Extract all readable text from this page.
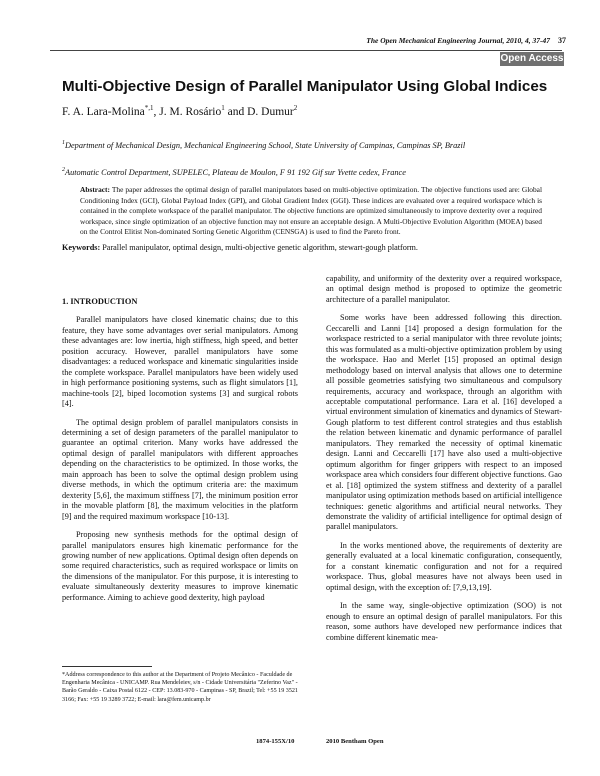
The Open Mechanical Engineering Journal, 2010, 4, 37-47 37
Open Access
Multi-Objective Design of Parallel Manipulator Using Global Indices
F. A. Lara-Molina$^{*,1}$, J. M. Rosário$^1$ and D. Dumur$^2$
$^1$Department of Mechanical Design, Mechanical Engineering School, State University of Campinas, Campinas SP, Brazil
$^2$Automatic Control Department, SUPELEC, Plateau de Moulon, F 91 192 Gif sur Yvette cedex, France
Abstract: The paper addresses the optimal design of parallel manipulators based on multi-objective optimization. The objective functions used are: Global Conditioning Index (GCI), Global Payload Index (GPI), and Global Gradient Index (GGI). These indices are evaluated over a required workspace which is contained in the complete workspace of the parallel manipulator. The objective functions are optimized simultaneously to improve dexterity over a required workspace, since single optimization of an objective function may not ensure an acceptable design. A Multi-Objective Evolution Algorithm (MOEA) based on the Control Elitist Non-dominated Sorting Genetic Algorithm (CENSGA) is used to find the Pareto front.
Keywords: Parallel manipulator, optimal design, multi-objective genetic algorithm, stewart-gough platform.
1. INTRODUCTION

Parallel manipulators have closed kinematic chains; due to this feature, they have some advantages over serial manipulators. Among these advantages are: low inertia, high stiffness, high speed, and better position accuracy. However, parallel manipulators have some disadvantages: a reduced workspace and kinematic singularities inside the complete workspace. Parallel manipulators have been widely used in high performance positioning systems, such as flight simulators [1], machine-tools [2], biped locomotion systems [3] and surgical robots [4].

The optimal design problem of parallel manipulators consists in determining a set of design parameters of the parallel manipulator to guarantee an optimal criterion. Many works have addressed the optimal design of parallel manipulators with different approaches depending on the characteristics to be optimized. In those works, the main approach has been to solve the optimal design problem using diverse methods, in which the optimum criteria are: the maximum dexterity [5,6], the maximum stiffness [7], the minimum position error in the movable platform [8], the maximum velocities in the platform [9] and the required maximum workspace [10-13].

Proposing new synthesis methods for the optimal design of parallel manipulators ensures high kinematic performance for the growing number of new applications. Optimal design often depends on some required characteristics, such as required workspace or limits on the dimensions of the manipulator. For this purpose, it is interesting to evaluate simultaneously dexterity measures to improve kinematic performance. Aiming to achieve good dexterity, high payload

capability, and uniformity of the dexterity over a required workspace, an optimal design method is proposed to optimize the geometric architecture of a parallel manipulator.

Some works have been addressed following this direction. Ceccarelli and Lanni [14] proposed a design formulation for the workspace restricted to a serial manipulator with three revolute joints; this was formulated as a multi-objective optimization problem by using the workspace. Hao and Merlet [15] proposed an optimal design methodology based on interval analysis that allows one to determine all possible geometries satisfying two simultaneous and compulsory requirements, accuracy and workspace, through an algorithm with acceptable computational performance. Lara et al. [16] developed a virtual environment simulation of kinematics and dynamics of Stewart-Gough platform to test different control strategies and thus establish the relation between kinematic and dynamic performance of parallel manipulators. They remarked the necessity of optimal kinematic design. Lanni and Ceccarelli [17] have also used a multi-objective optimum algorithm for finger grippers with respect to an imposed workspace area which considers four different objective functions. Gao et al. [18] optimized the system stiffness and dexterity of a parallel manipulator using optimization methods based on artificial intelligence techniques: genetic algorithms and artificial neural networks. They demonstrate the validity of artificial intelligence for optimal design of parallel manipulators.

In the works mentioned above, the requirements of dexterity are generally evaluated at a local kinematic configuration, consequently, for a constant kinematic configuration and not for a required workspace. Thus, global measures have not always been used in optimal design, with the exception of: [7,9,13,19].

In the same way, single-objective optimization (SOO) is not enough to ensure an optimal design of parallel manipulators. For this reason, some authors have developed new performance indices that combine different kinematic mea-

*Address correspondence to this author at the Department of Projeto Mecânico - Faculdade de Engenharia Mecânica - UNICAMP. Rua Mendeleiev, s/n - Cidade Universitária "Zeferino Vaz" - Barão Geraldo - Caixa Postal 6122 - CEP: 13.083-970 - Campinas - SP, Brazil; Tel: +55 19 3521 3166; Fax: +55 19 3289 3722; E-mail: lara@fem.unicamp.br
1874-155X/10	2010 Bentham Open
